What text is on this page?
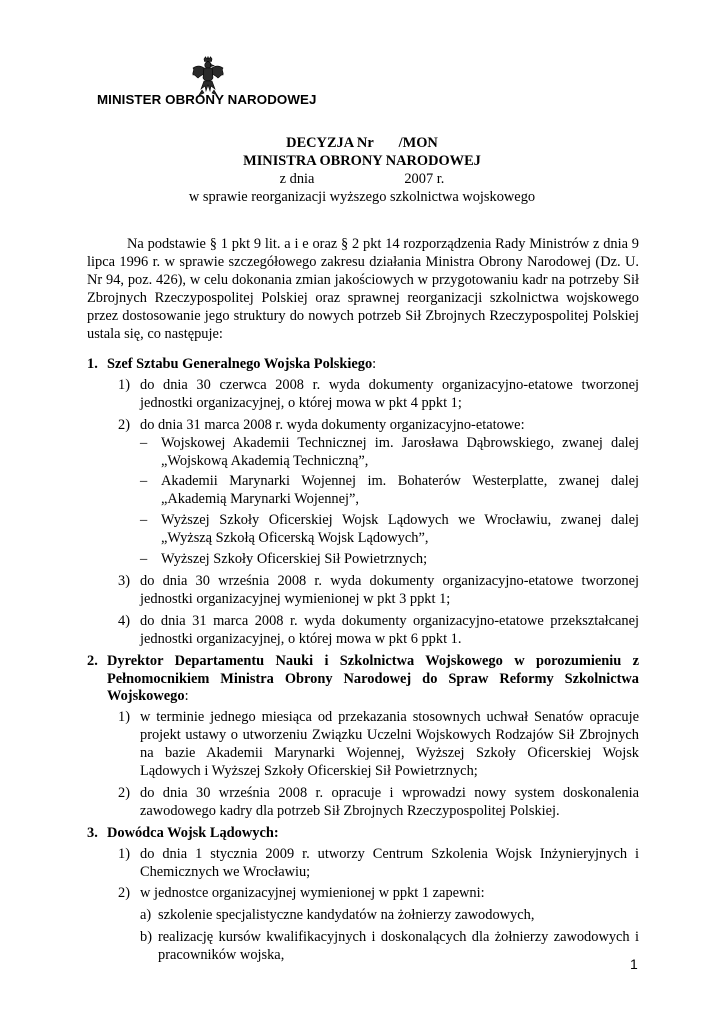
MINISTER OBRONY NARODOWEJ
DECYZJA Nr       /MON
MINISTRA OBRONY NARODOWEJ
z dnia                         2007 r.
w sprawie reorganizacji wyższego szkolnictwa wojskowego
Na podstawie § 1 pkt 9 lit. a i e oraz § 2 pkt 14 rozporządzenia Rady Ministrów z dnia 9 lipca 1996 r. w sprawie szczegółowego zakresu działania Ministra Obrony Narodowej (Dz. U. Nr 94, poz. 426), w celu dokonania zmian jakościowych w przygotowaniu kadr na potrzeby Sił Zbrojnych Rzeczypospolitej Polskiej oraz sprawnej reorganizacji szkolnictwa wojskowego przez dostosowanie jego struktury do nowych potrzeb Sił Zbrojnych Rzeczypospolitej Polskiej ustala się, co następuje:
1. Szef Sztabu Generalnego Wojska Polskiego:
1) do dnia 30 czerwca 2008 r. wyda dokumenty organizacyjno-etatowe tworzonej jednostki organizacyjnej, o której mowa w pkt 4 ppkt 1;
2) do dnia 31 marca 2008 r. wyda dokumenty organizacyjno-etatowe:
– Wojskowej Akademii Technicznej im. Jarosława Dąbrowskiego, zwanej dalej „Wojskową Akademią Techniczną”,
– Akademii Marynarki Wojennej im. Bohaterów Westerplatte, zwanej dalej „Akademią Marynarki Wojennej”,
– Wyższej Szkoły Oficerskiej Wojsk Lądowych we Wrocławiu, zwanej dalej „Wyższą Szkołą Oficerską Wojsk Lądowych”,
– Wyższej Szkoły Oficerskiej Sił Powietrznych;
3) do dnia 30 września 2008 r. wyda dokumenty organizacyjno-etatowe tworzonej jednostki organizacyjnej wymienionej w pkt 3 ppkt 1;
4) do dnia 31 marca 2008 r. wyda dokumenty organizacyjno-etatowe przekształcanej jednostki organizacyjnej, o której mowa w pkt 6 ppkt 1.
2. Dyrektor Departamentu Nauki i Szkolnictwa Wojskowego w porozumieniu z Pełnomocnikiem Ministra Obrony Narodowej do Spraw Reformy Szkolnictwa Wojskowego:
1) w terminie jednego miesiąca od przekazania stosownych uchwał Senatów opracuje projekt ustawy o utworzeniu Związku Uczelni Wojskowych Rodzajów Sił Zbrojnych na bazie Akademii Marynarki Wojennej, Wyższej Szkoły Oficerskiej Wojsk Lądowych i Wyższej Szkoły Oficerskiej Sił Powietrznych;
2) do dnia 30 września 2008 r. opracuje i wprowadzi nowy system doskonalenia zawodowego kadry dla potrzeb Sił Zbrojnych Rzeczypospolitej Polskiej.
3. Dowódca Wojsk Lądowych:
1) do dnia 1 stycznia 2009 r. utworzy Centrum Szkolenia Wojsk Inżynieryjnych i Chemicznych we Wrocławiu;
2) w jednostce organizacyjnej wymienionej w ppkt 1 zapewni:
a) szkolenie specjalistyczne kandydatów na żołnierzy zawodowych,
b) realizację kursów kwalifikacyjnych i doskonalących dla żołnierzy zawodowych i pracowników wojska,
1
